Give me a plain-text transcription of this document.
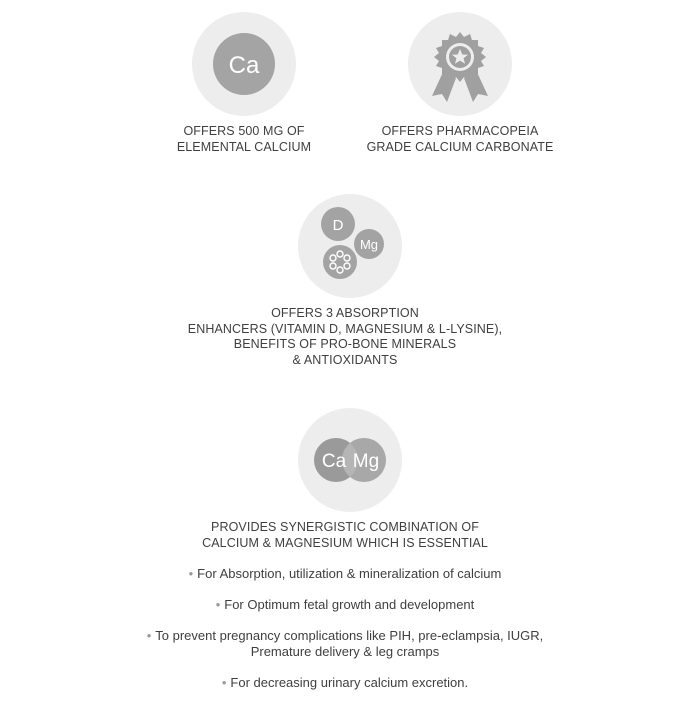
Ca
OFFERS 500 MG OF
ELEMENTAL CALCIUM
OFFERS PHARMACOPEIA
GRADE CALCIUM CARBONATE
D
Mg
OFFERS 3 ABSORPTION
ENHANCERS (VITAMIN D, MAGNESIUM & L-LYSINE),
BENEFITS OF PRO-BONE MINERALS
& ANTIOXIDANTS
Ca Mg
PROVIDES SYNERGISTIC COMBINATION OF
CALCIUM & MAGNESIUM WHICH IS ESSENTIAL
• For Absorption, utilization & mineralization of calcium
• For Optimum fetal growth and development
• To prevent pregnancy complications like PIH, pre-eclampsia, IUGR,
Premature delivery & leg cramps
• For decreasing urinary calcium excretion.
